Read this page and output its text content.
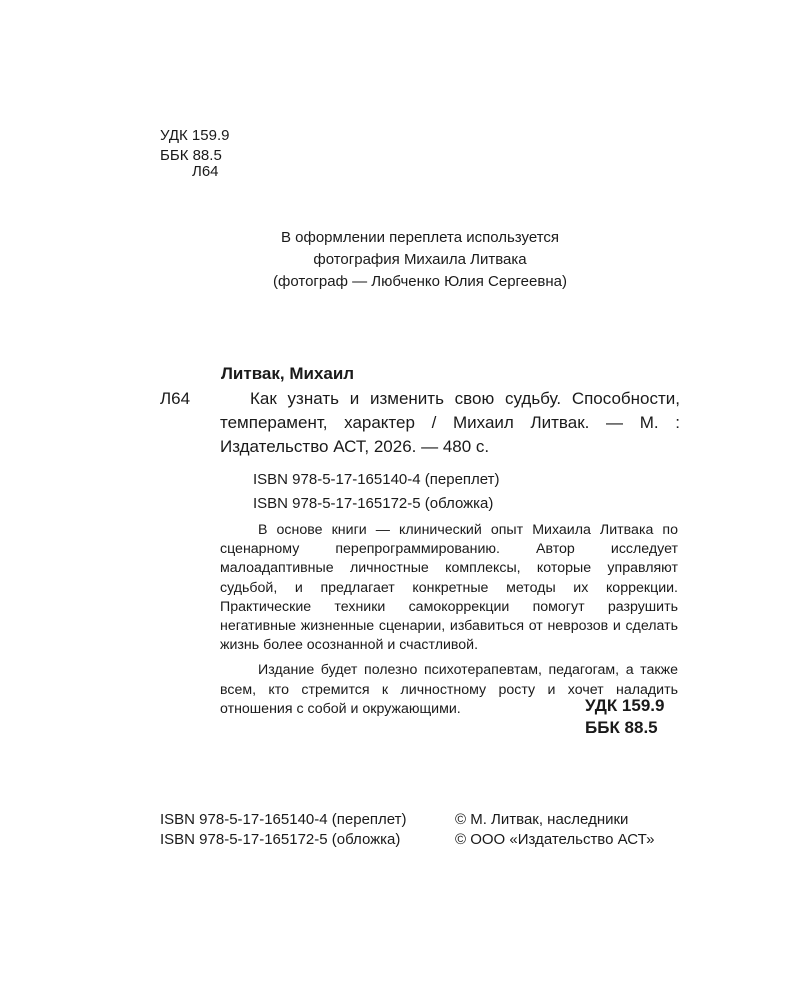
УДК 159.9
ББК 88.5
Л64
В оформлении переплета используется
фотография Михаила Литвака
(фотограф — Любченко Юлия Сергеевна)
Литвак, Михаил
Л64	Как узнать и изменить свою судьбу. Способности, темперамент, характер / Михаил Литвак. — М. : Издательство АСТ, 2026. — 480 с.
ISBN 978-5-17-165140-4 (переплет)
ISBN 978-5-17-165172-5 (обложка)

В основе книги — клинический опыт Михаила Литвака по сценарному перепрограммированию. Автор исследует малоадаптивные личностные комплексы, которые управляют судьбой, и предлагает конкретные методы их коррекции. Практические техники самокоррекции помогут разрушить негативные жизненные сценарии, избавиться от неврозов и сделать жизнь более осознанной и счастливой.

Издание будет полезно психотерапевтам, педагогам, а также всем, кто стремится к личностному росту и хочет наладить отношения с собой и окружающими.	УДК 159.9
ББК 88.5
ISBN 978-5-17-165140-4 (переплет)
ISBN 978-5-17-165172-5 (обложка)
© М. Литвак, наследники
© ООО «Издательство АСТ»
